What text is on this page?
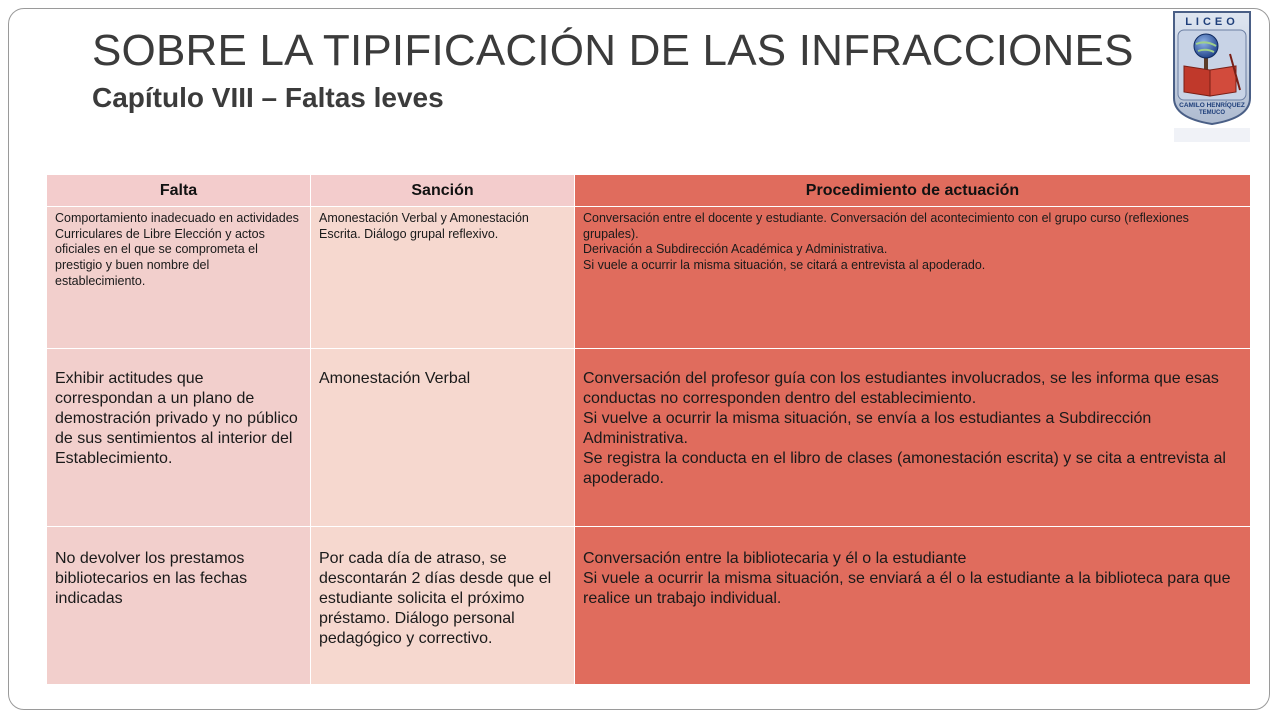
SOBRE LA TIPIFICACIÓN DE LAS INFRACCIONES
Capítulo VIII – Faltas leves
LICEO
CAMILO HENRÍQUEZ
TEMUCO
Falta	Sanción	Procedimiento de actuación
Comportamiento inadecuado en actividades Curriculares de Libre Elección y actos oficiales en el que se comprometa el prestigio y buen nombre del establecimiento.	Amonestación Verbal y Amonestación Escrita. Diálogo grupal reflexivo.	Conversación entre el docente y estudiante. Conversación del acontecimiento con el grupo curso (reflexiones grupales).
Derivación a Subdirección Académica y Administrativa.
Si vuele a ocurrir la misma situación, se citará a entrevista al apoderado.

Exhibir actitudes que correspondan a un plano de demostración privado y no público de sus sentimientos al interior del Establecimiento.	Amonestación Verbal	Conversación del profesor guía con los estudiantes involucrados, se les informa que esas conductas no corresponden dentro del establecimiento.
Si vuelve a ocurrir la misma situación, se envía a los estudiantes a Subdirección Administrativa.
Se registra la conducta en el libro de clases (amonestación escrita) y se cita a entrevista al apoderado.

No devolver los prestamos bibliotecarios en las fechas indicadas	Por cada día de atraso, se descontarán 2 días desde que el estudiante solicita el próximo préstamo. Diálogo personal pedagógico y correctivo.	Conversación entre la bibliotecaria y él o la estudiante
Si vuele a ocurrir la misma situación, se enviará a él o la estudiante a la biblioteca para que realice un trabajo individual.
